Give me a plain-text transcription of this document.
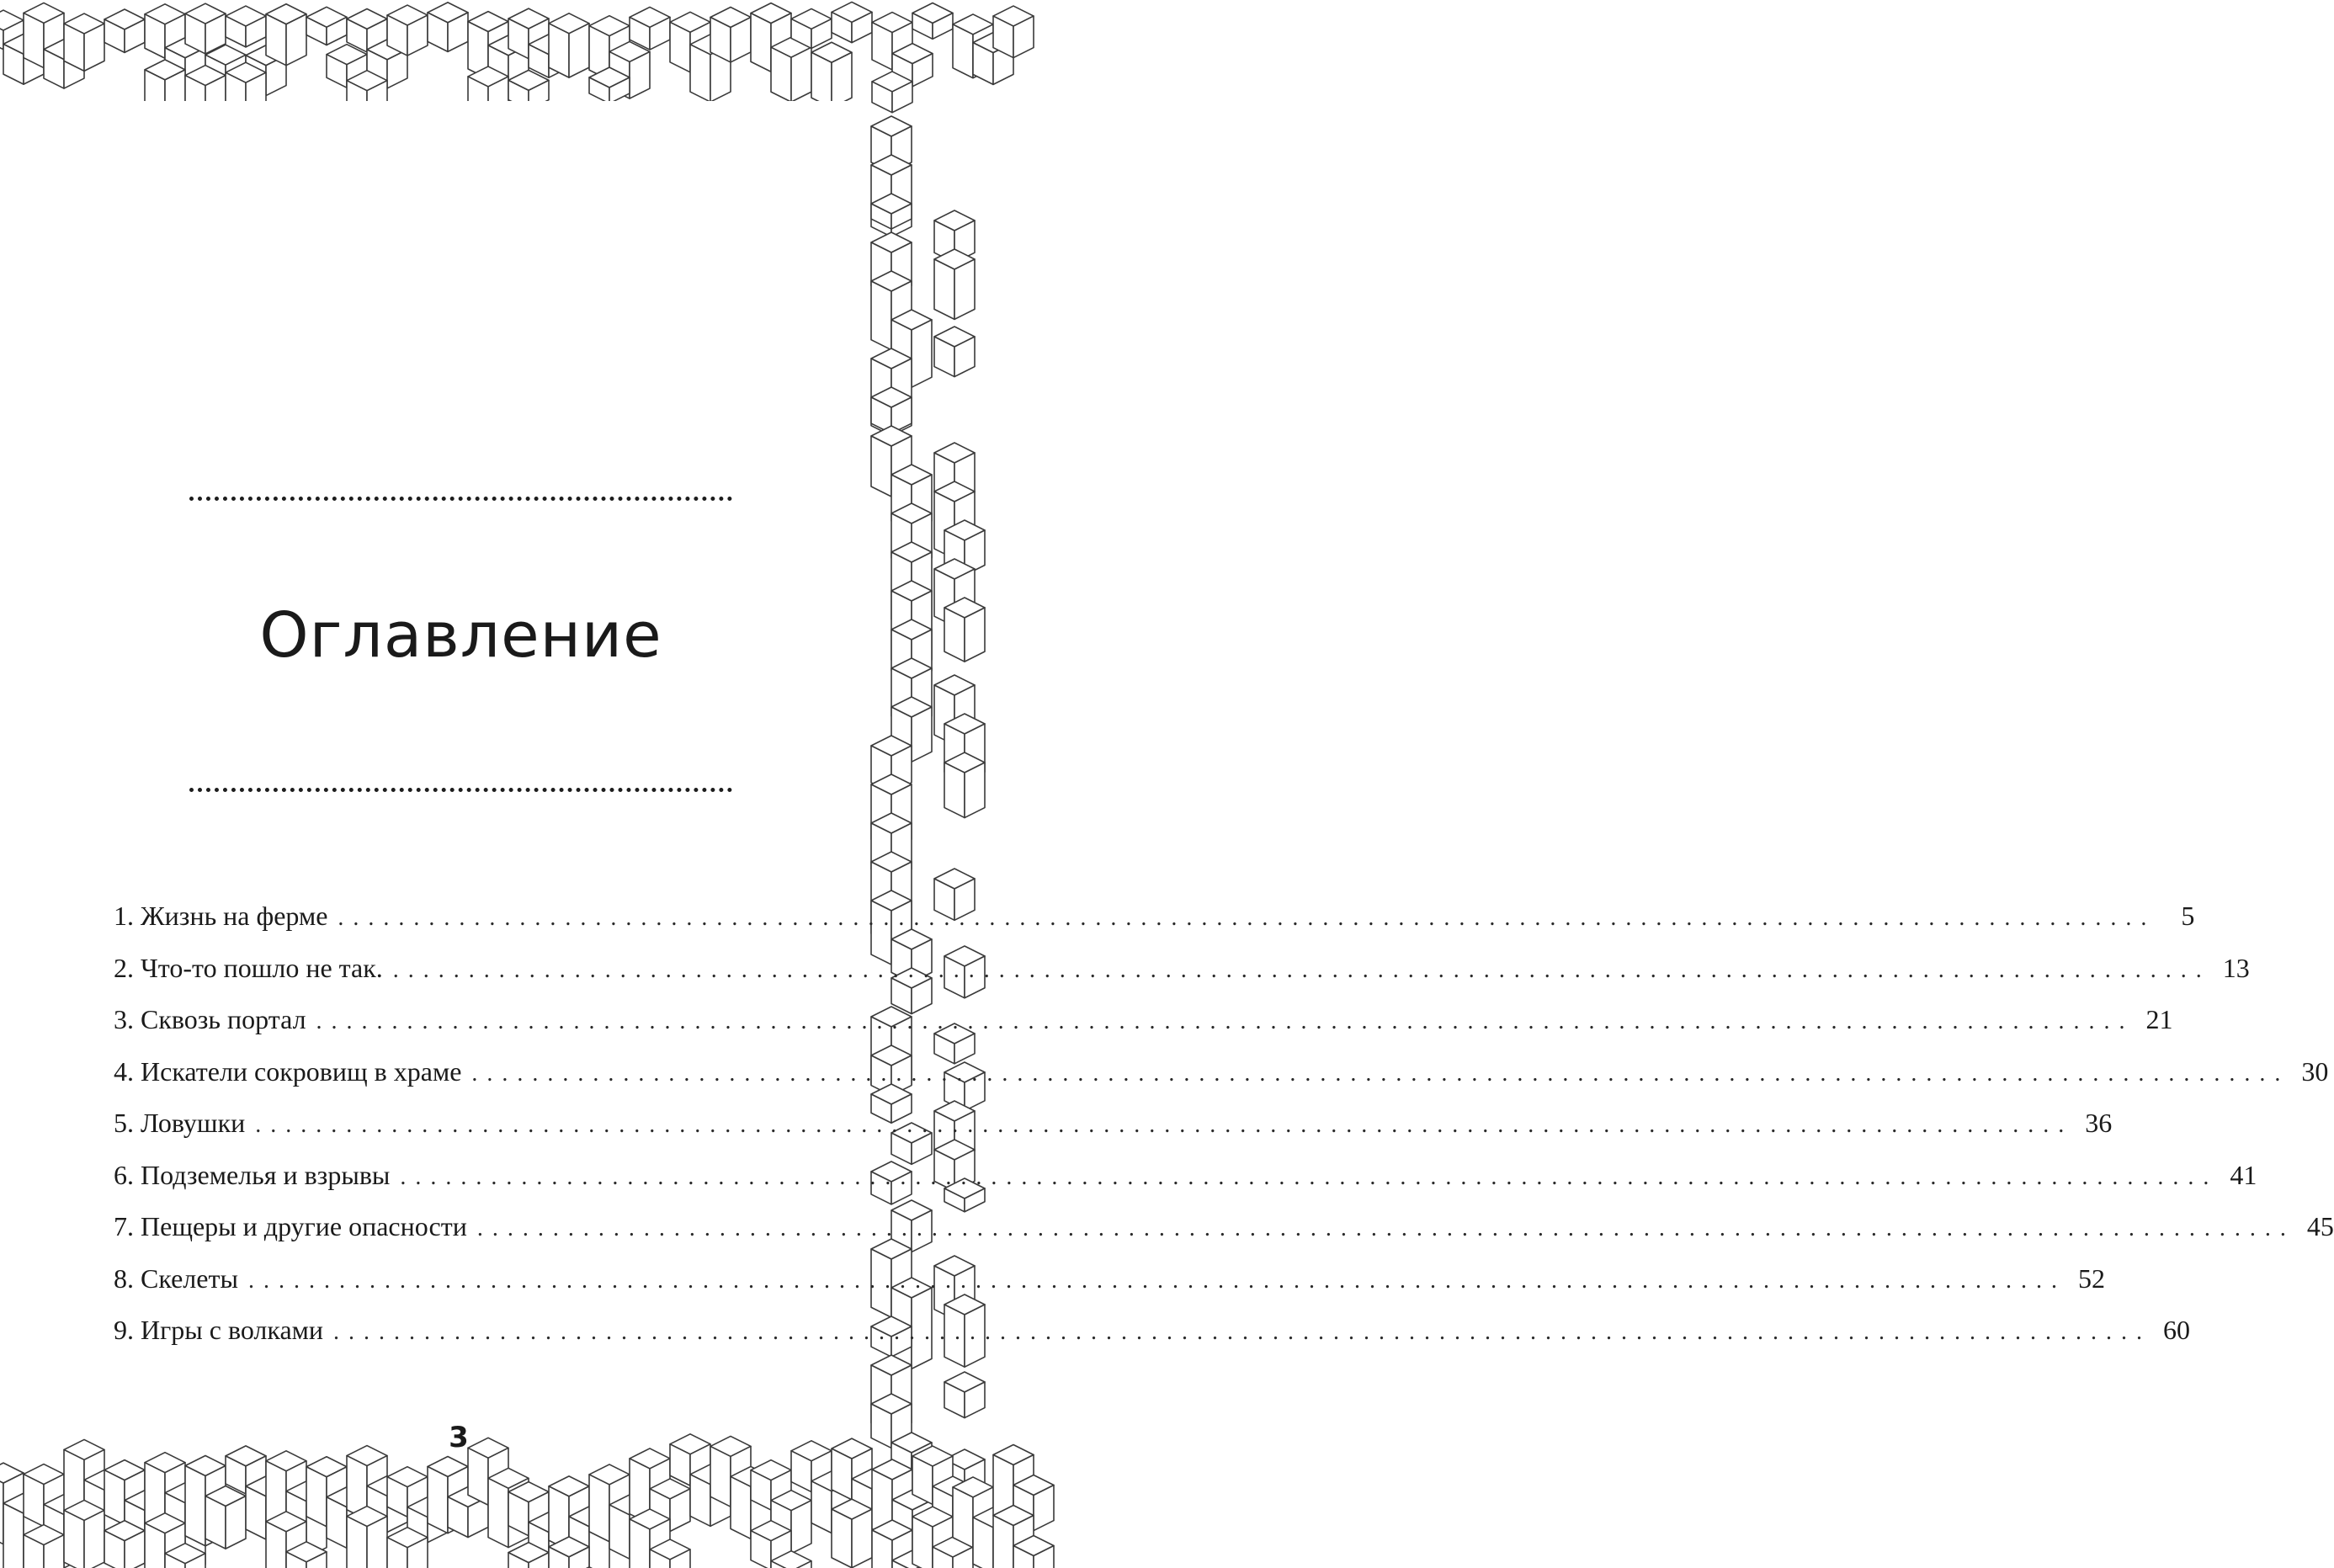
Оглавление
1. Жизнь на ферме ........................................................................................................................ 5
2. Что-то пошло не так. ........................................................................................................................ 13
3. Сквозь портал ........................................................................................................................ 21
4. Искатели сокровищ в храме ........................................................................................................................ 30
5. Ловушки ........................................................................................................................ 36
6. Подземелья и взрывы ........................................................................................................................ 41
7. Пещеры и другие опасности ........................................................................................................................ 45
8. Скелеты ........................................................................................................................ 52
9. Игры с волками ........................................................................................................................ 60
3
